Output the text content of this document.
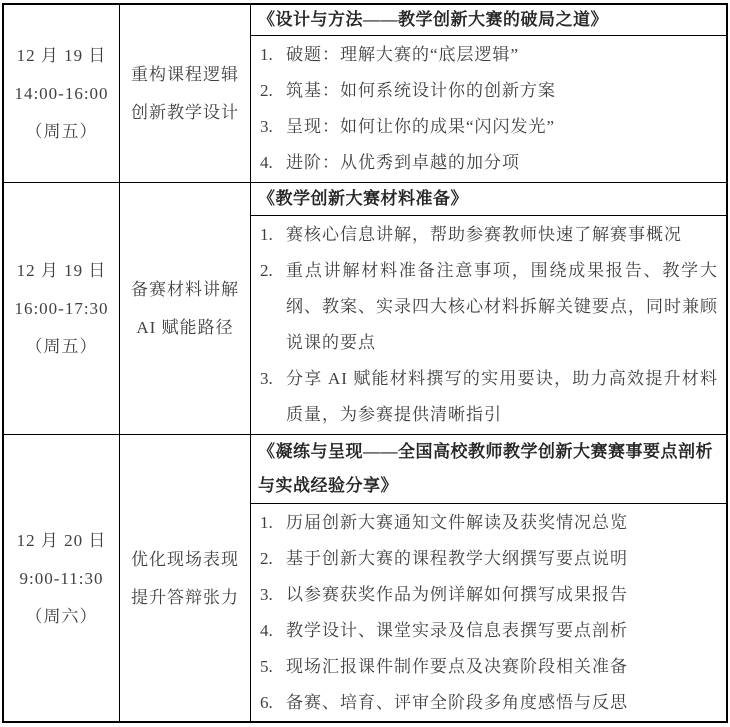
12 月 19 日
14:00-16:00
（周五）
重构课程逻辑
创新教学设计
《设计与方法——教学创新大赛的破局之道》
1. 破题：理解大赛的“底层逻辑”
2. 筑基：如何系统设计你的创新方案
3. 呈现：如何让你的成果“闪闪发光”
4. 进阶：从优秀到卓越的加分项
12 月 19 日
16:00-17:30
（周五）
备赛材料讲解
AI 赋能路径
《教学创新大赛材料准备》
1. 赛核心信息讲解，帮助参赛教师快速了解赛事概况
2. 重点讲解材料准备注意事项，围绕成果报告、教学大纲、教案、实录四大核心材料拆解关键要点，同时兼顾说课的要点
3. 分享 AI 赋能材料撰写的实用要诀，助力高效提升材料质量，为参赛提供清晰指引
12 月 20 日
9:00-11:30
（周六）
优化现场表现
提升答辩张力
《凝练与呈现——全国高校教师教学创新大赛赛事要点剖析与实战经验分享》
1. 历届创新大赛通知文件解读及获奖情况总览
2. 基于创新大赛的课程教学大纲撰写要点说明
3. 以参赛获奖作品为例详解如何撰写成果报告
4. 教学设计、课堂实录及信息表撰写要点剖析
5. 现场汇报课件制作要点及决赛阶段相关准备
6. 备赛、培育、评审全阶段多角度感悟与反思
